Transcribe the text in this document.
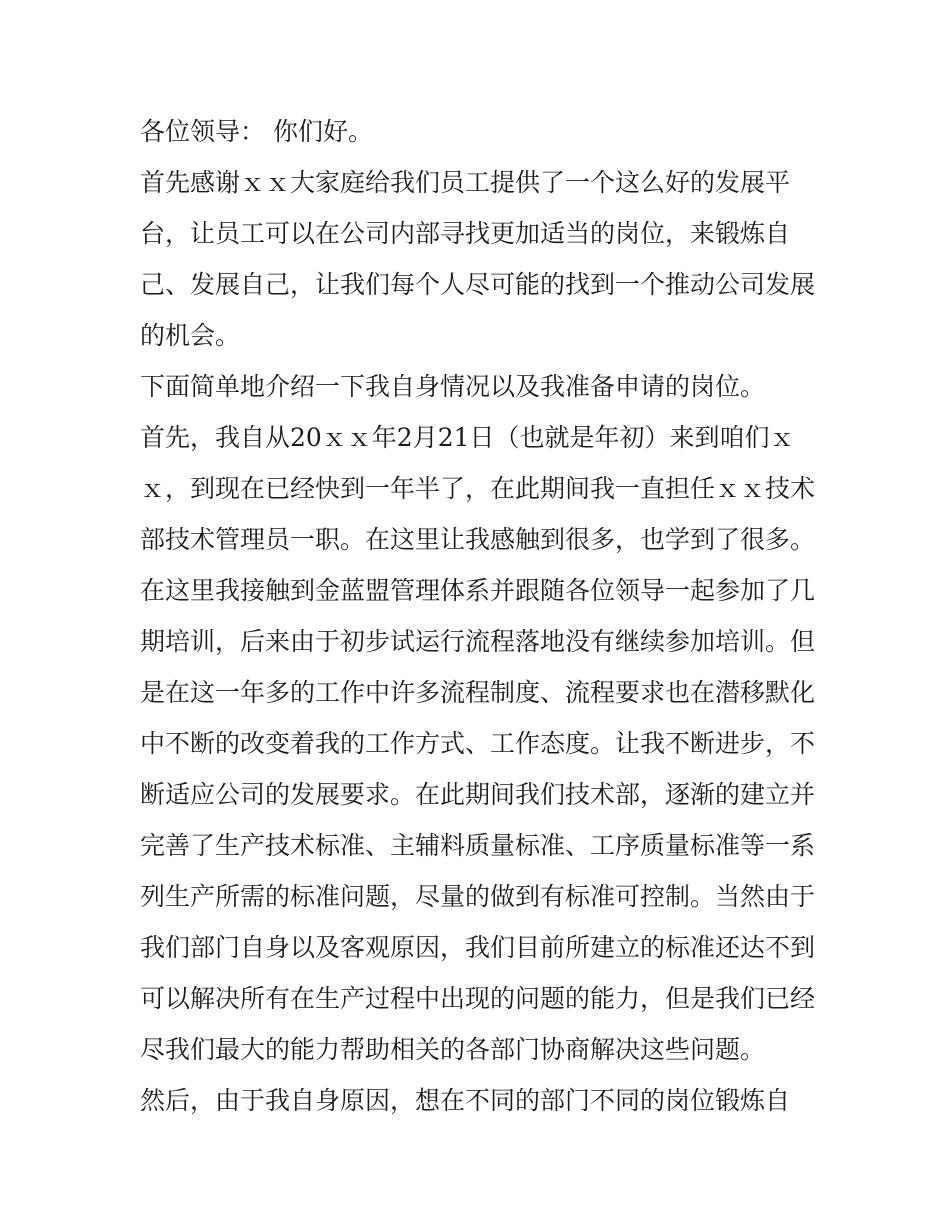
各位领导： 你们好。

首先感谢ｘｘ大家庭给我们员工提供了一个这么好的发展平
台，让员工可以在公司内部寻找更加适当的岗位，来锻炼自
己、发展自己，让我们每个人尽可能的找到一个推动公司发展
的机会。

下面简单地介绍一下我自身情况以及我准备申请的岗位。

首先，我自从20ｘｘ年2月21日（也就是年初）来到咱们ｘ
ｘ，到现在已经快到一年半了，在此期间我一直担任ｘｘ技术
部技术管理员一职。在这里让我感触到很多，也学到了很多。
在这里我接触到金蓝盟管理体系并跟随各位领导一起参加了几
期培训，后来由于初步试运行流程落地没有继续参加培训。但
是在这一年多的工作中许多流程制度、流程要求也在潜移默化
中不断的改变着我的工作方式、工作态度。让我不断进步，不
断适应公司的发展要求。在此期间我们技术部，逐渐的建立并
完善了生产技术标准、主辅料质量标准、工序质量标准等一系
列生产所需的标准问题，尽量的做到有标准可控制。当然由于
我们部门自身以及客观原因，我们目前所建立的标准还达不到
可以解决所有在生产过程中出现的问题的能力，但是我们已经
尽我们最大的能力帮助相关的各部门协商解决这些问题。

然后，由于我自身原因，想在不同的部门不同的岗位锻炼自
